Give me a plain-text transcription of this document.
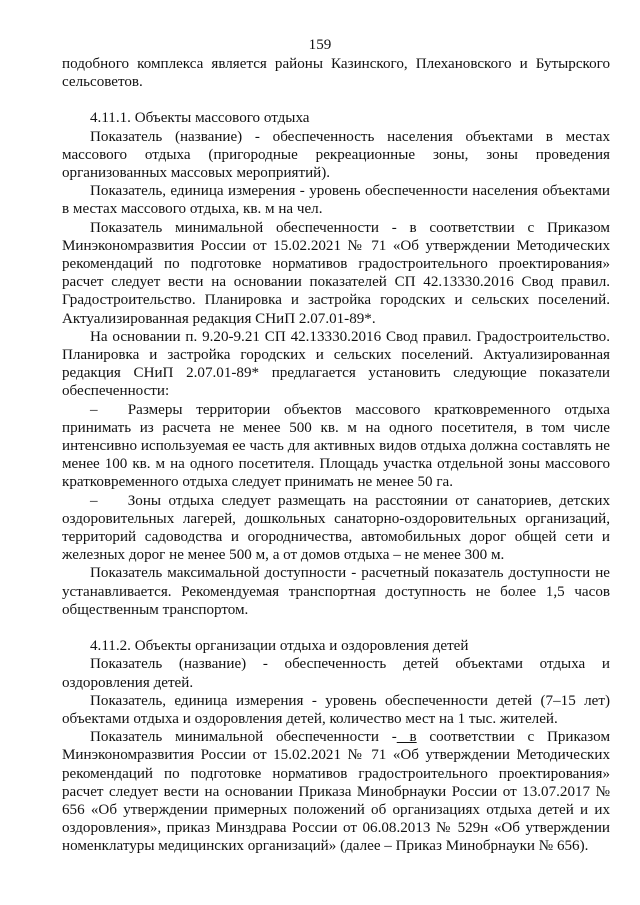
159

подобного комплекса является районы Казинского, Плехановского и Бутырского сельсоветов.

4.11.1. Объекты массового отдыха

Показатель (название) - обеспеченность населения объектами в местах массового отдыха (пригородные рекреационные зоны, зоны проведения организованных массовых мероприятий).

Показатель, единица измерения - уровень обеспеченности населения объектами в местах массового отдыха, кв. м на чел.

Показатель минимальной обеспеченности - в соответствии с Приказом Минэкономразвития России от 15.02.2021 № 71 «Об утверждении Методических рекомендаций по подготовке нормативов градостроительного проектирования» расчет следует вести на основании показателей СП 42.13330.2016 Свод правил. Градостроительство. Планировка и застройка городских и сельских поселений. Актуализированная редакция СНиП 2.07.01-89*.

На основании п. 9.20-9.21 СП 42.13330.2016 Свод правил. Градостроительство. Планировка и застройка городских и сельских поселений. Актуализированная редакция СНиП 2.07.01-89* предлагается установить следующие показатели обеспеченности:

–  Размеры территории объектов массового кратковременного отдыха принимать из расчета не менее 500 кв. м на одного посетителя, в том числе интенсивно используемая ее часть для активных видов отдыха должна составлять не менее 100 кв. м на одного посетителя. Площадь участка отдельной зоны массового кратковременного отдыха следует принимать не менее 50 га.

–  Зоны отдыха следует размещать на расстоянии от санаториев, детских оздоровительных лагерей, дошкольных санаторно-оздоровительных организаций, территорий садоводства и огородничества, автомобильных дорог общей сети и железных дорог не менее 500 м, а от домов отдыха – не менее 300 м.

Показатель максимальной доступности - расчетный показатель доступности не устанавливается. Рекомендуемая транспортная доступность не более 1,5 часов общественным транспортом.

4.11.2. Объекты организации отдыха и оздоровления детей

Показатель (название) - обеспеченность детей объектами отдыха и оздоровления детей.

Показатель, единица измерения - уровень обеспеченности детей (7–15 лет) объектами отдыха и оздоровления детей, количество мест на 1 тыс. жителей.

Показатель минимальной обеспеченности - в соответствии с Приказом Минэкономразвития России от 15.02.2021 № 71 «Об утверждении Методических рекомендаций по подготовке нормативов градостроительного проектирования» расчет следует вести на основании Приказа Минобрнауки России от 13.07.2017 № 656 «Об утверждении примерных положений об организациях отдыха детей и их оздоровления», приказ Минздрава России от 06.08.2013 № 529н «Об утверждении номенклатуры медицинских организаций» (далее – Приказ Минобрнауки № 656).
